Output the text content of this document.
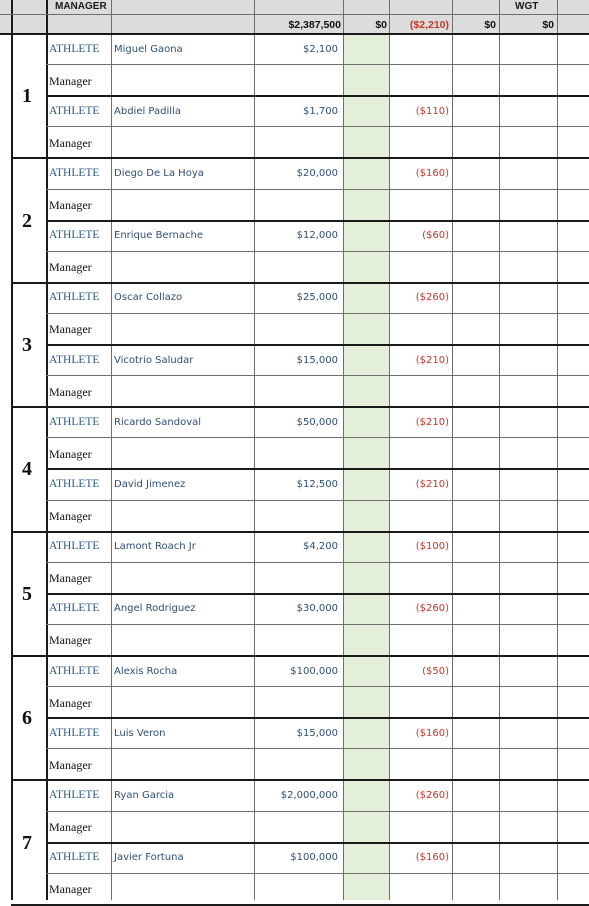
MANAGER	WGT
$2,387,500	$0 ($2,210)	$0	$0
1
ATHLETE Miguel Gaona	$2,100
Manager
ATHLETE Abdiel Padilla	$1,700	($110)
Manager
2
ATHLETE Diego De La Hoya	$20,000	($160)
Manager
ATHLETE Enrique Bernache	$12,000	($60)
Manager
3
ATHLETE Oscar Collazo	$25,000	($260)
Manager
ATHLETE Vicotrio Saludar	$15,000	($210)
Manager
4
ATHLETE Ricardo Sandoval	$50,000	($210)
Manager
ATHLETE David Jimenez	$12,500	($210)
Manager
5
ATHLETE Lamont Roach Jr	$4,200	($100)
Manager
ATHLETE Angel Rodriguez	$30,000	($260)
Manager
6
ATHLETE Alexis Rocha	$100,000	($50)
Manager
ATHLETE Luis Veron	$15,000	($160)
Manager
7
ATHLETE Ryan Garcia	$2,000,000	($260)
Manager
ATHLETE Javier Fortuna	$100,000	($160)
Manager
